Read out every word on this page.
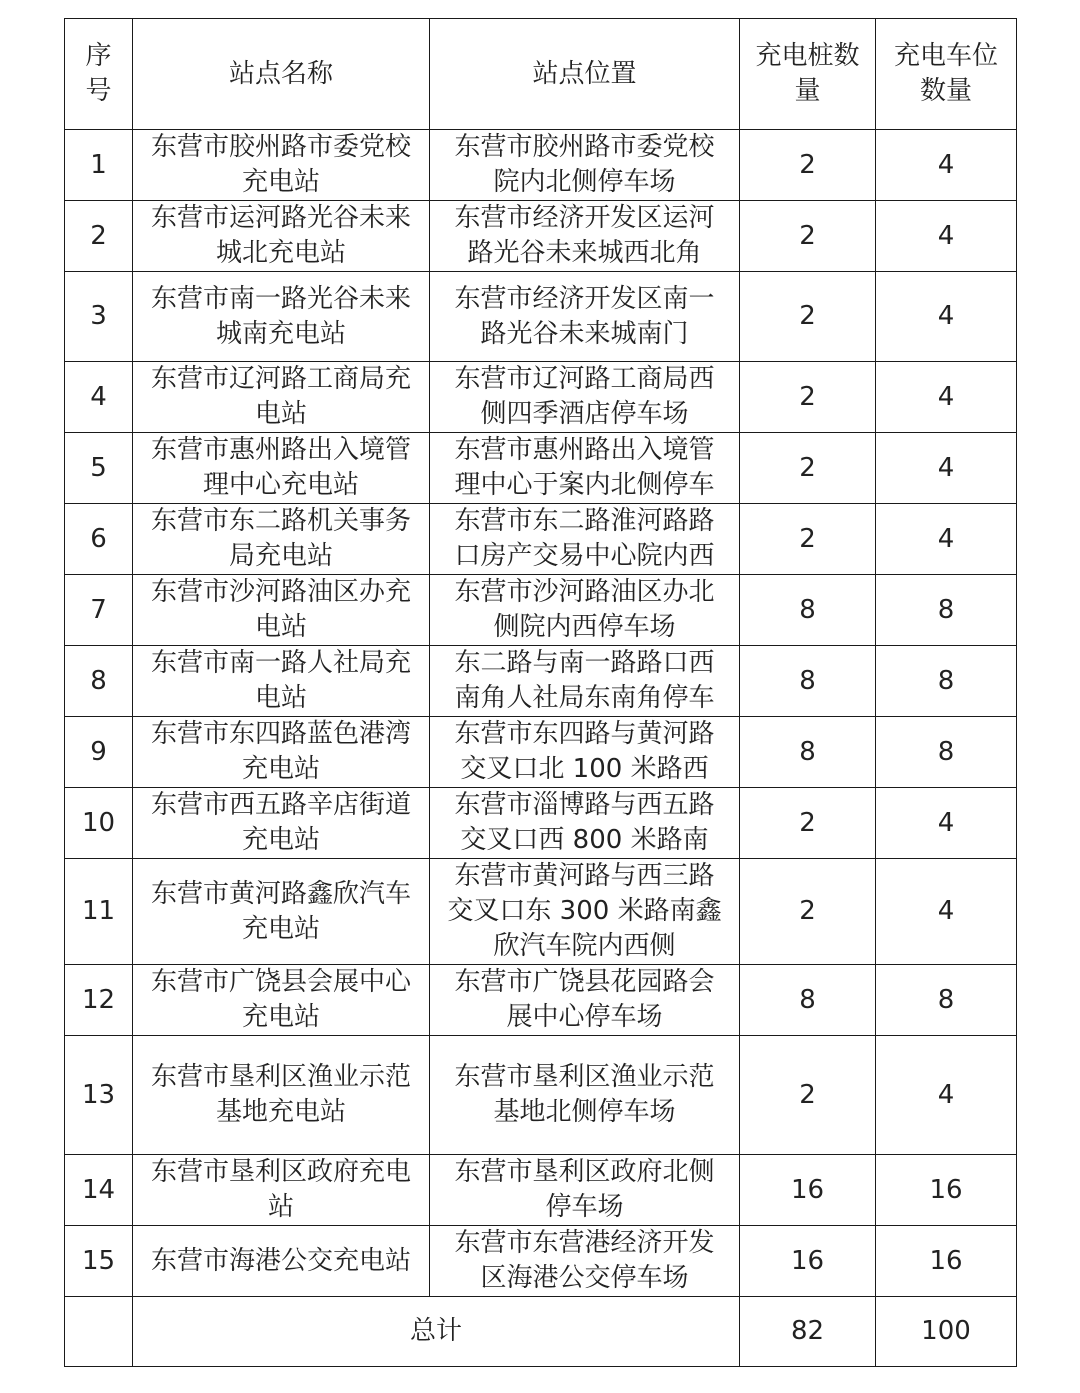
序号	站点名称	站点位置	充电桩数量	充电车位数量
1	东营市胶州路市委党校充电站	东营市胶州路市委党校院内北侧停车场	2	4
2	东营市运河路光谷未来城北充电站	东营市经济开发区运河路光谷未来城西北角	2	4
3	东营市南一路光谷未来城南充电站	东营市经济开发区南一路光谷未来城南门	2	4
4	东营市辽河路工商局充电站	东营市辽河路工商局西侧四季酒店停车场	2	4
5	东营市惠州路出入境管理中心充电站	东营市惠州路出入境管理中心于案内北侧停车	2	4
6	东营市东二路机关事务局充电站	东营市东二路淮河路路口房产交易中心院内西	2	4
7	东营市沙河路油区办充电站	东营市沙河路油区办北侧院内西停车场	8	8
8	东营市南一路人社局充电站	东二路与南一路路口西南角人社局东南角停车	8	8
9	东营市东四路蓝色港湾充电站	东营市东四路与黄河路交叉口北 100 米路西	8	8
10	东营市西五路辛店街道充电站	东营市淄博路与西五路交叉口西 800 米路南	2	4
11	东营市黄河路鑫欣汽车充电站	东营市黄河路与西三路交叉口东 300 米路南鑫欣汽车院内西侧	2	4
12	东营市广饶县会展中心充电站	东营市广饶县花园路会展中心停车场	8	8
13	东营市垦利区渔业示范基地充电站	东营市垦利区渔业示范基地北侧停车场	2	4
14	东营市垦利区政府充电站	东营市垦利区政府北侧停车场	16	16
15	东营市海港公交充电站	东营市东营港经济开发区海港公交停车场	16	16
	总计		82	100
